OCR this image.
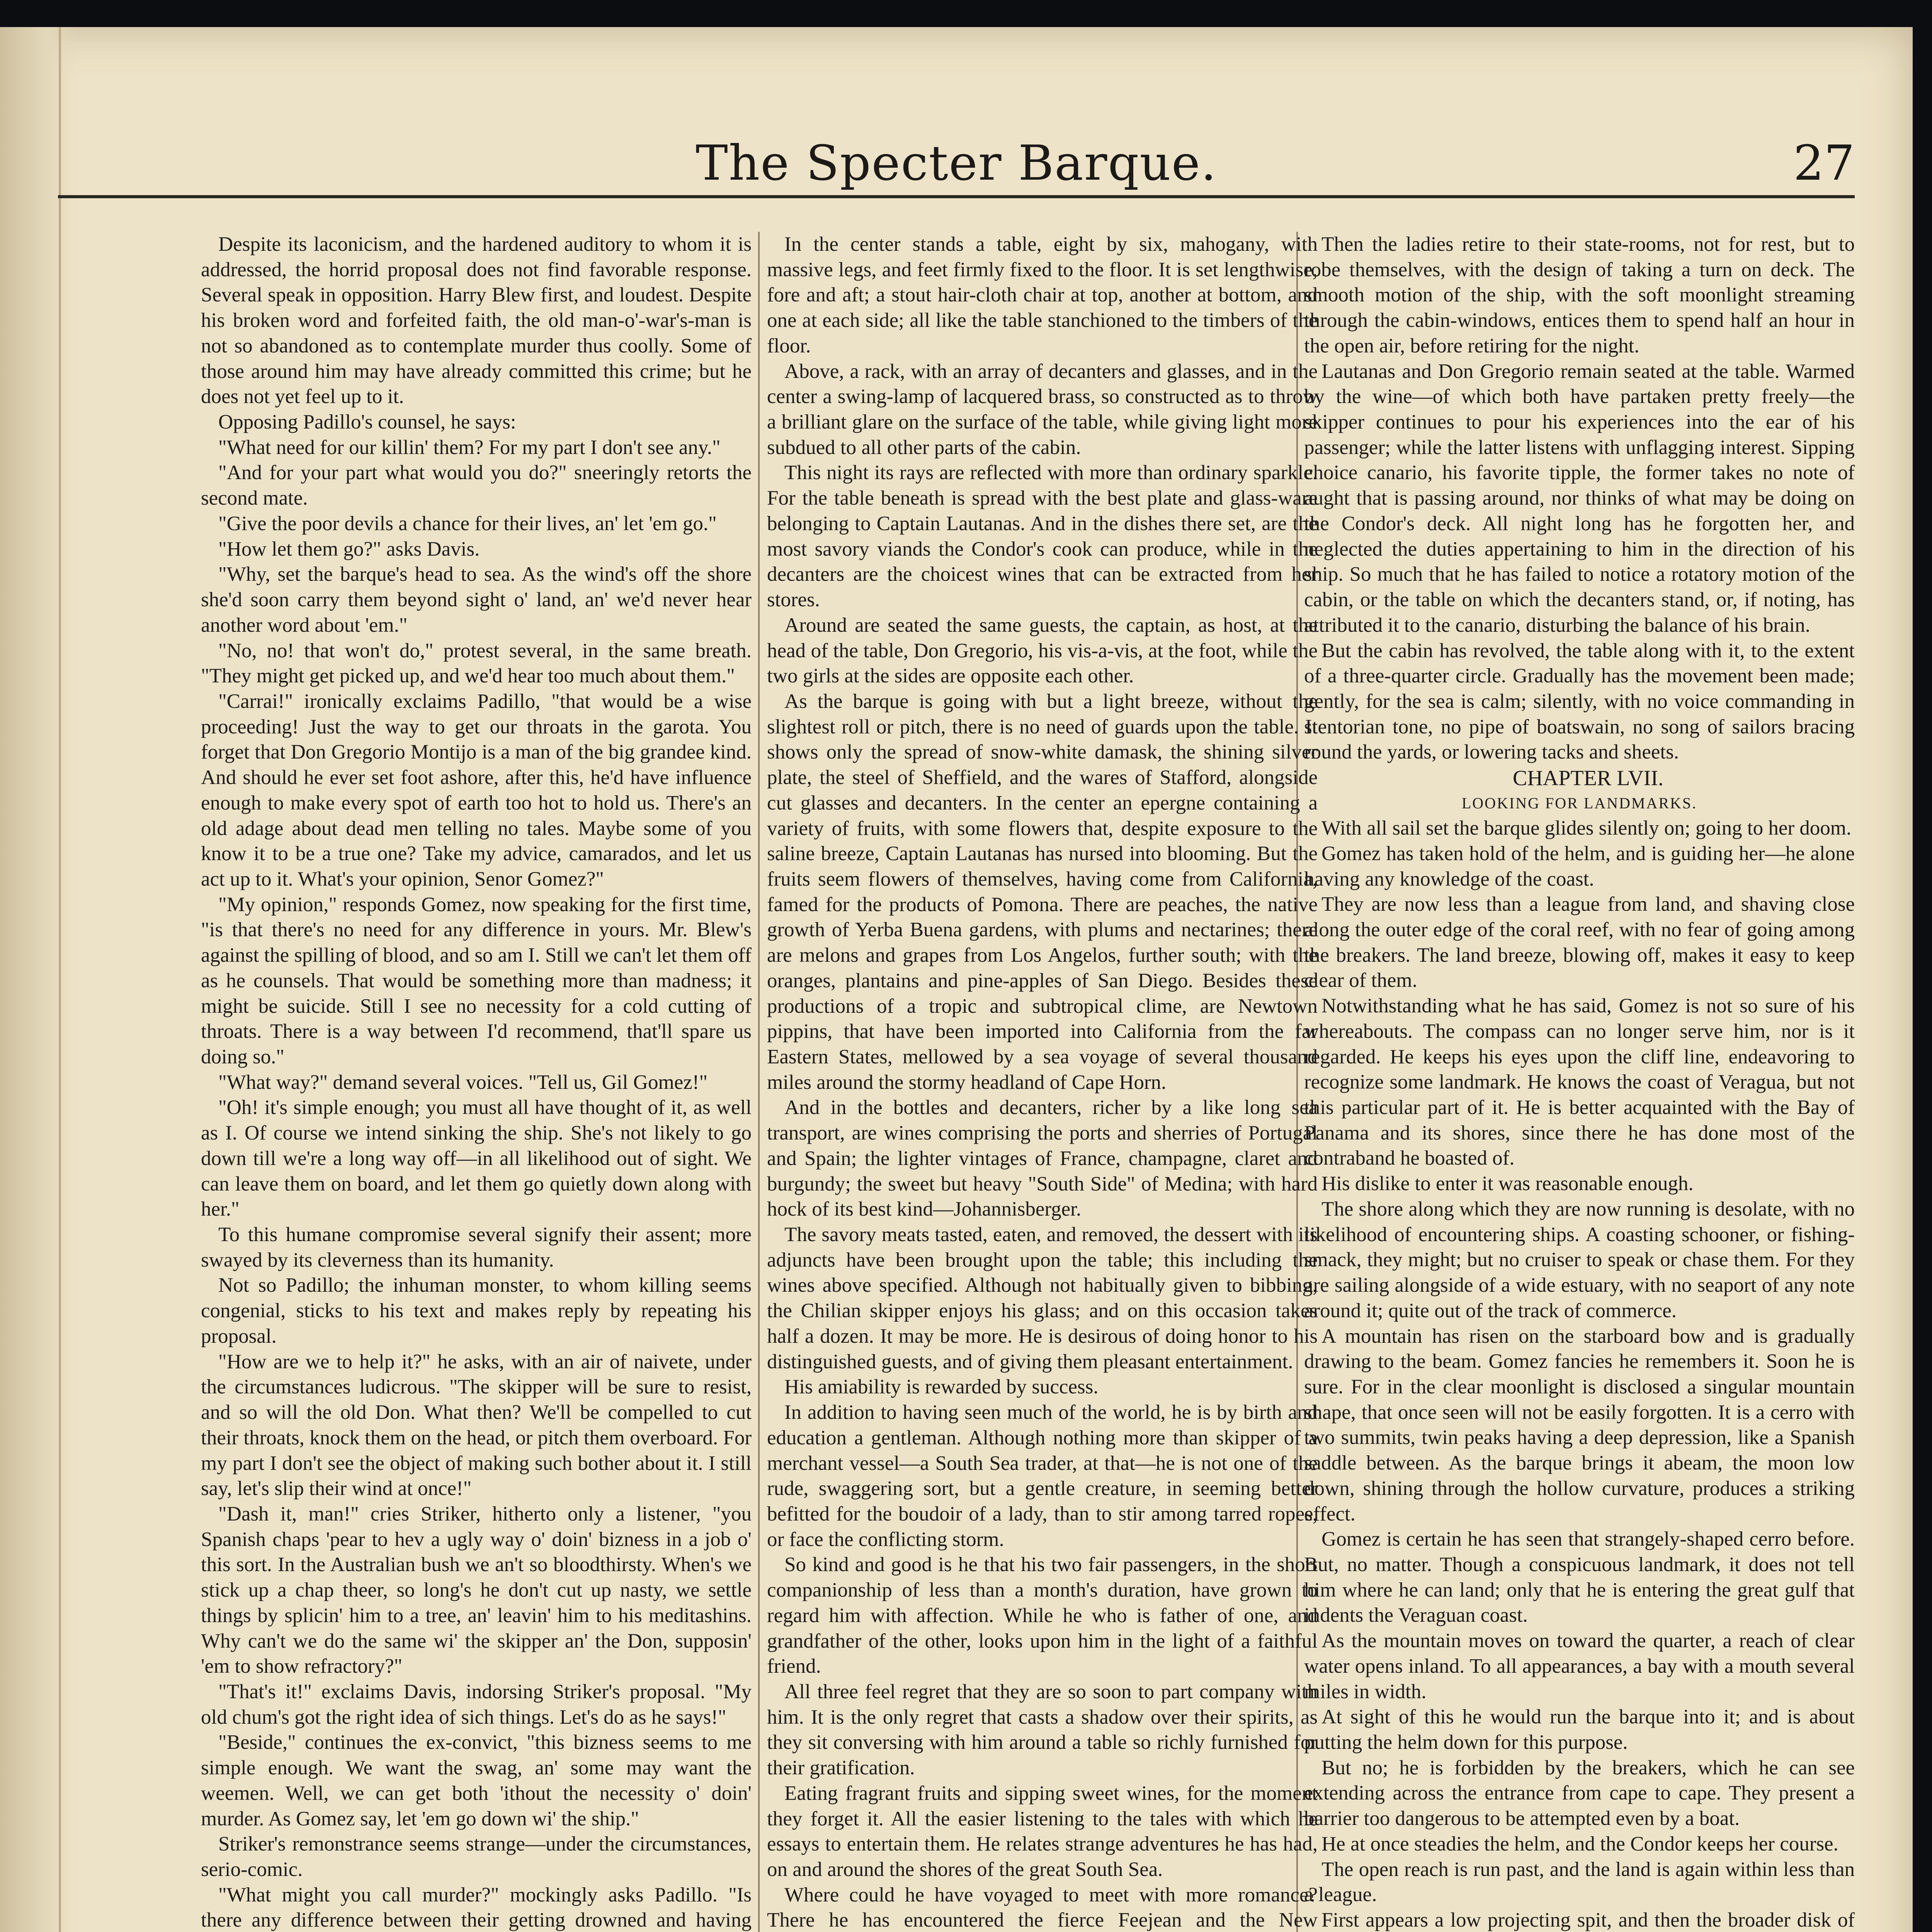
The Specter Barque.	27

Despite its laconicism, and the hardened auditory to whom it is addressed, the horrid proposal does not find favorable response. Several speak in opposition. Harry Blew first, and loudest. Despite his broken word and forfeited faith, the old man-o'-war's-man is not so abandoned as to contemplate murder thus coolly. Some of those around him may have already committed this crime; but he does not yet feel up to it.

Opposing Padillo's counsel, he says:

"What need for our killin' them? For my part I don't see any."

"And for your part what would you do?" sneeringly retorts the second mate.

"Give the poor devils a chance for their lives, an' let 'em go."

"How let them go?" asks Davis.

"Why, set the barque's head to sea. As the wind's off the shore she'd soon carry them beyond sight o' land, an' we'd never hear another word about 'em."

"No, no! that won't do," protest several, in the same breath. "They might get picked up, and we'd hear too much about them."

"Carrai!" ironically exclaims Padillo, "that would be a wise proceeding! Just the way to get our throats in the garota. You forget that Don Gregorio Montijo is a man of the big grandee kind. And should he ever set foot ashore, after this, he'd have influence enough to make every spot of earth too hot to hold us. There's an old adage about dead men telling no tales. Maybe some of you know it to be a true one? Take my advice, camarados, and let us act up to it. What's your opinion, Senor Gomez?"

"My opinion," responds Gomez, now speaking for the first time, "is that there's no need for any difference in yours. Mr. Blew's against the spilling of blood, and so am I. Still we can't let them off as he counsels. That would be something more than madness; it might be suicide. Still I see no necessity for a cold cutting of throats. There is a way between I'd recommend, that'll spare us doing so."

"What way?" demand several voices. "Tell us, Gil Gomez!"

"Oh! it's simple enough; you must all have thought of it, as well as I. Of course we intend sinking the ship. She's not likely to go down till we're a long way off—in all likelihood out of sight. We can leave them on board, and let them go quietly down along with her."

To this humane compromise several signify their assent; more swayed by its cleverness than its humanity.

Not so Padillo; the inhuman monster, to whom killing seems congenial, sticks to his text and makes reply by repeating his proposal.

"How are we to help it?" he asks, with an air of naivete, under the circumstances ludicrous. "The skipper will be sure to resist, and so will the old Don. What then? We'll be compelled to cut their throats, knock them on the head, or pitch them overboard. For my part I don't see the object of making such bother about it. I still say, let's slip their wind at once!"

"Dash it, man!" cries Striker, hitherto only a listener, "you Spanish chaps 'pear to hev a ugly way o' doin' bizness in a job o' this sort. In the Australian bush we an't so bloodthirsty. When's we stick up a chap theer, so long's he don't cut up nasty, we settle things by splicin' him to a tree, an' leavin' him to his meditashins. Why can't we do the same wi' the skipper an' the Don, supposin' 'em to show refractory?"

"That's it!" exclaims Davis, indorsing Striker's proposal. "My old chum's got the right idea of sich things. Let's do as he says!"

"Beside," continues the ex-convict, "this bizness seems to me simple enough. We want the swag, an' some may want the weemen. Well, we can get both 'ithout the necessity o' doin' murder. As Gomez say, let 'em go down wi' the ship."

Striker's remonstrance seems strange—under the circumstances, serio-comic.

"What might you call murder?" mockingly asks Padillo. "Is there any difference between their getting drowned and having

In the center stands a table, eight by six, mahogany, with massive legs, and feet firmly fixed to the floor. It is set lengthwise, fore and aft; a stout hair-cloth chair at top, another at bottom, and one at each side; all like the table stanchioned to the timbers of the floor.

Above, a rack, with an array of decanters and glasses, and in the center a swing-lamp of lacquered brass, so constructed as to throw a brilliant glare on the surface of the table, while giving light more subdued to all other parts of the cabin.

This night its rays are reflected with more than ordinary sparkle. For the table beneath is spread with the best plate and glass-ware belonging to Captain Lautanas. And in the dishes there set, are the most savory viands the Condor's cook can produce, while in the decanters are the choicest wines that can be extracted from her stores.

Around are seated the same guests, the captain, as host, at the head of the table, Don Gregorio, his vis-a-vis, at the foot, while the two girls at the sides are opposite each other.

As the barque is going with but a light breeze, without the slightest roll or pitch, there is no need of guards upon the table. It shows only the spread of snow-white damask, the shining silver plate, the steel of Sheffield, and the wares of Stafford, alongside cut glasses and decanters. In the center an epergne containing a variety of fruits, with some flowers that, despite exposure to the saline breeze, Captain Lautanas has nursed into blooming. But the fruits seem flowers of themselves, having come from California, famed for the products of Pomona. There are peaches, the native growth of Yerba Buena gardens, with plums and nectarines; there are melons and grapes from Los Angelos, further south; with the oranges, plantains and pine-apples of San Diego. Besides these productions of a tropic and subtropical clime, are Newtown pippins, that have been imported into California from the far Eastern States, mellowed by a sea voyage of several thousand miles around the stormy headland of Cape Horn.

And in the bottles and decanters, richer by a like long sea transport, are wines comprising the ports and sherries of Portugal and Spain; the lighter vintages of France, champagne, claret and burgundy; the sweet but heavy "South Side" of Medina; with hard hock of its best kind—Johannisberger.

The savory meats tasted, eaten, and removed, the dessert with its adjuncts have been brought upon the table; this including the wines above specified. Although not habitually given to bibbing, the Chilian skipper enjoys his glass; and on this occasion takes half a dozen. It may be more. He is desirous of doing honor to his distinguished guests, and of giving them pleasant entertainment.

His amiability is rewarded by success.

In addition to having seen much of the world, he is by birth and education a gentleman. Although nothing more than skipper of a merchant vessel—a South Sea trader, at that—he is not one of the rude, swaggering sort, but a gentle creature, in seeming better befitted for the boudoir of a lady, than to stir among tarred ropes, or face the conflicting storm.

So kind and good is he that his two fair passengers, in the short companionship of less than a month's duration, have grown to regard him with affection. While he who is father of one, and grandfather of the other, looks upon him in the light of a faithful friend.

All three feel regret that they are so soon to part company with him. It is the only regret that casts a shadow over their spirits, as they sit conversing with him around a table so richly furnished for their gratification.

Eating fragrant fruits and sipping sweet wines, for the moment they forget it. All the easier listening to the tales with which he essays to entertain them. He relates strange adventures he has had, on and around the shores of the great South Sea.

Where could he have voyaged to meet with more romance? There he has encountered the fierce Feejean and the New

Then the ladies retire to their state-rooms, not for rest, but to robe themselves, with the design of taking a turn on deck. The smooth motion of the ship, with the soft moonlight streaming through the cabin-windows, entices them to spend half an hour in the open air, before retiring for the night.

Lautanas and Don Gregorio remain seated at the table. Warmed by the wine—of which both have partaken pretty freely—the skipper continues to pour his experiences into the ear of his passenger; while the latter listens with unflagging interest. Sipping choice canario, his favorite tipple, the former takes no note of aught that is passing around, nor thinks of what may be doing on the Condor's deck. All night long has he forgotten her, and neglected the duties appertaining to him in the direction of his ship. So much that he has failed to notice a rotatory motion of the cabin, or the table on which the decanters stand, or, if noting, has attributed it to the canario, disturbing the balance of his brain.

But the cabin has revolved, the table along with it, to the extent of a three-quarter circle. Gradually has the movement been made; gently, for the sea is calm; silently, with no voice commanding in stentorian tone, no pipe of boatswain, no song of sailors bracing round the yards, or lowering tacks and sheets.

CHAPTER LVII.

LOOKING FOR LANDMARKS.

With all sail set the barque glides silently on; going to her doom.

Gomez has taken hold of the helm, and is guiding her—he alone having any knowledge of the coast.

They are now less than a league from land, and shaving close along the outer edge of the coral reef, with no fear of going among the breakers. The land breeze, blowing off, makes it easy to keep clear of them.

Notwithstanding what he has said, Gomez is not so sure of his whereabouts. The compass can no longer serve him, nor is it regarded. He keeps his eyes upon the cliff line, endeavoring to recognize some landmark. He knows the coast of Veragua, but not this particular part of it. He is better acquainted with the Bay of Panama and its shores, since there he has done most of the contraband he boasted of.

His dislike to enter it was reasonable enough.

The shore along which they are now running is desolate, with no likelihood of encountering ships. A coasting schooner, or fishing-smack, they might; but no cruiser to speak or chase them. For they are sailing alongside of a wide estuary, with no seaport of any note around it; quite out of the track of commerce.

A mountain has risen on the starboard bow and is gradually drawing to the beam. Gomez fancies he remembers it. Soon he is sure. For in the clear moonlight is disclosed a singular mountain shape, that once seen will not be easily forgotten. It is a cerro with two summits, twin peaks having a deep depression, like a Spanish saddle between. As the barque brings it abeam, the moon low down, shining through the hollow curvature, produces a striking effect.

Gomez is certain he has seen that strangely-shaped cerro before. But, no matter. Though a conspicuous landmark, it does not tell him where he can land; only that he is entering the great gulf that indents the Veraguan coast.

As the mountain moves on toward the quarter, a reach of clear water opens inland. To all appearances, a bay with a mouth several miles in width.

At sight of this he would run the barque into it; and is about putting the helm down for this purpose.

But no; he is forbidden by the breakers, which he can see extending across the entrance from cape to cape. They present a barrier too dangerous to be attempted even by a boat.

He at once steadies the helm, and the Condor keeps her course.

The open reach is run past, and the land is again within less than a league.

First appears a low projecting spit, and then the broader disk of
